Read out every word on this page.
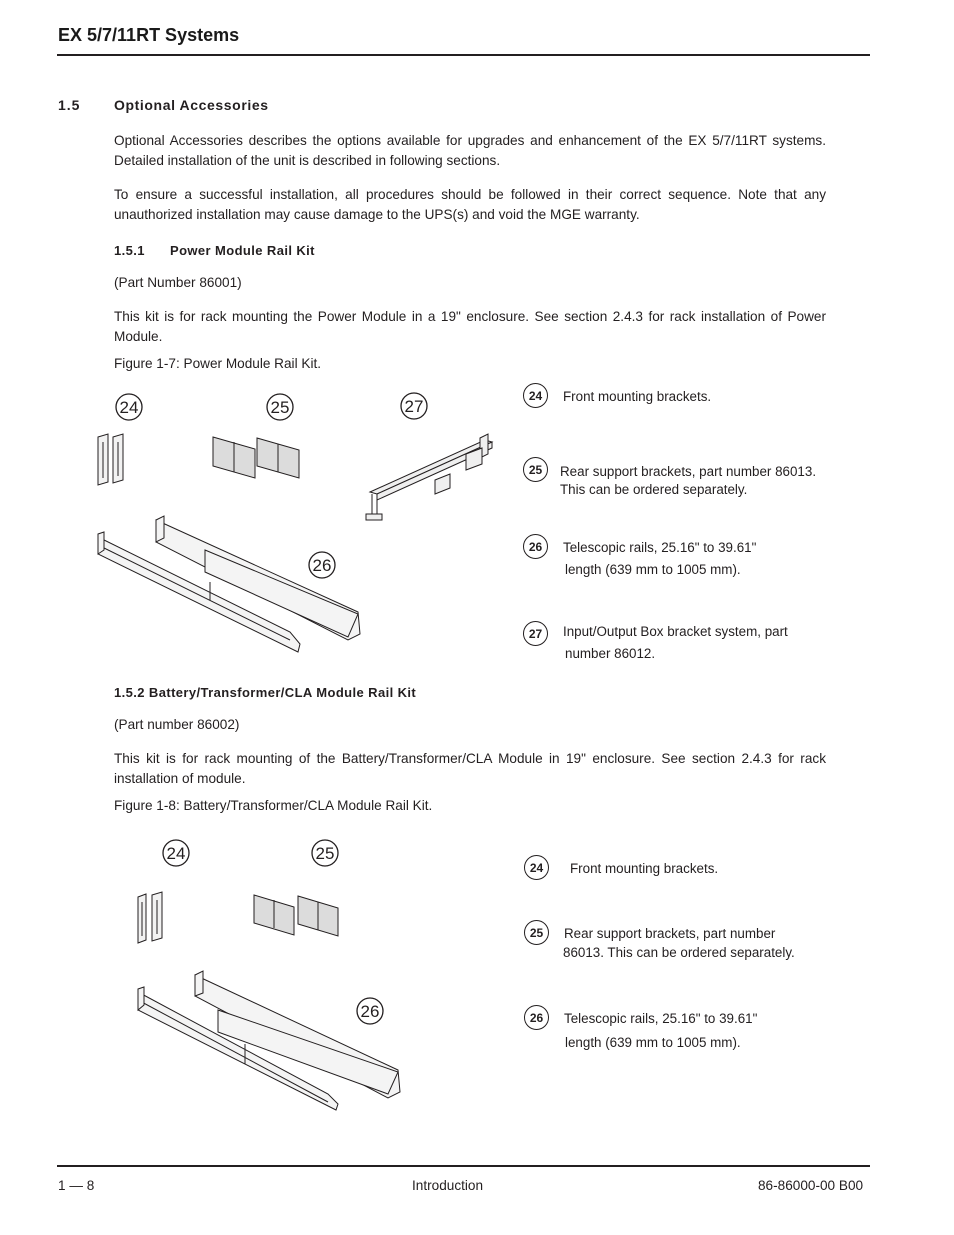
EX 5/7/11RT Systems
1.5 Optional Accessories
Optional Accessories describes the options available for upgrades and enhancement of the EX 5/7/11RT systems. Detailed installation of the unit is described in following sections.
To ensure a successful installation, all procedures should be followed in their correct sequence. Note that any unauthorized installation may cause damage to the UPS(s) and void the MGE warranty.
1.5.1 Power Module Rail Kit
(Part Number 86001)
This kit is for rack mounting the Power Module in a 19" enclosure. See section 2.4.3 for rack installation of Power Module.
Figure 1-7: Power Module Rail Kit.
24	25	27
26
24	Front mounting brackets.
25	Rear support brackets, part number 86013.
This can be ordered separately.
26	Telescopic rails, 25.16" to 39.61"
length (639 mm to 1005 mm).
27	Input/Output Box bracket system, part
number 86012.
1.5.2 Battery/Transformer/CLA Module Rail Kit
(Part number 86002)
This kit is for rack mounting of the Battery/Transformer/CLA Module in 19" enclosure. See section 2.4.3 for rack installation of module.
Figure 1-8: Battery/Transformer/CLA Module Rail Kit.
24	25
26
24	Front mounting brackets.
25	Rear support brackets, part number
86013. This can be ordered separately.
26	Telescopic rails, 25.16" to 39.61"
length (639 mm to 1005 mm).
1 — 8	Introduction	86-86000-00 B00
